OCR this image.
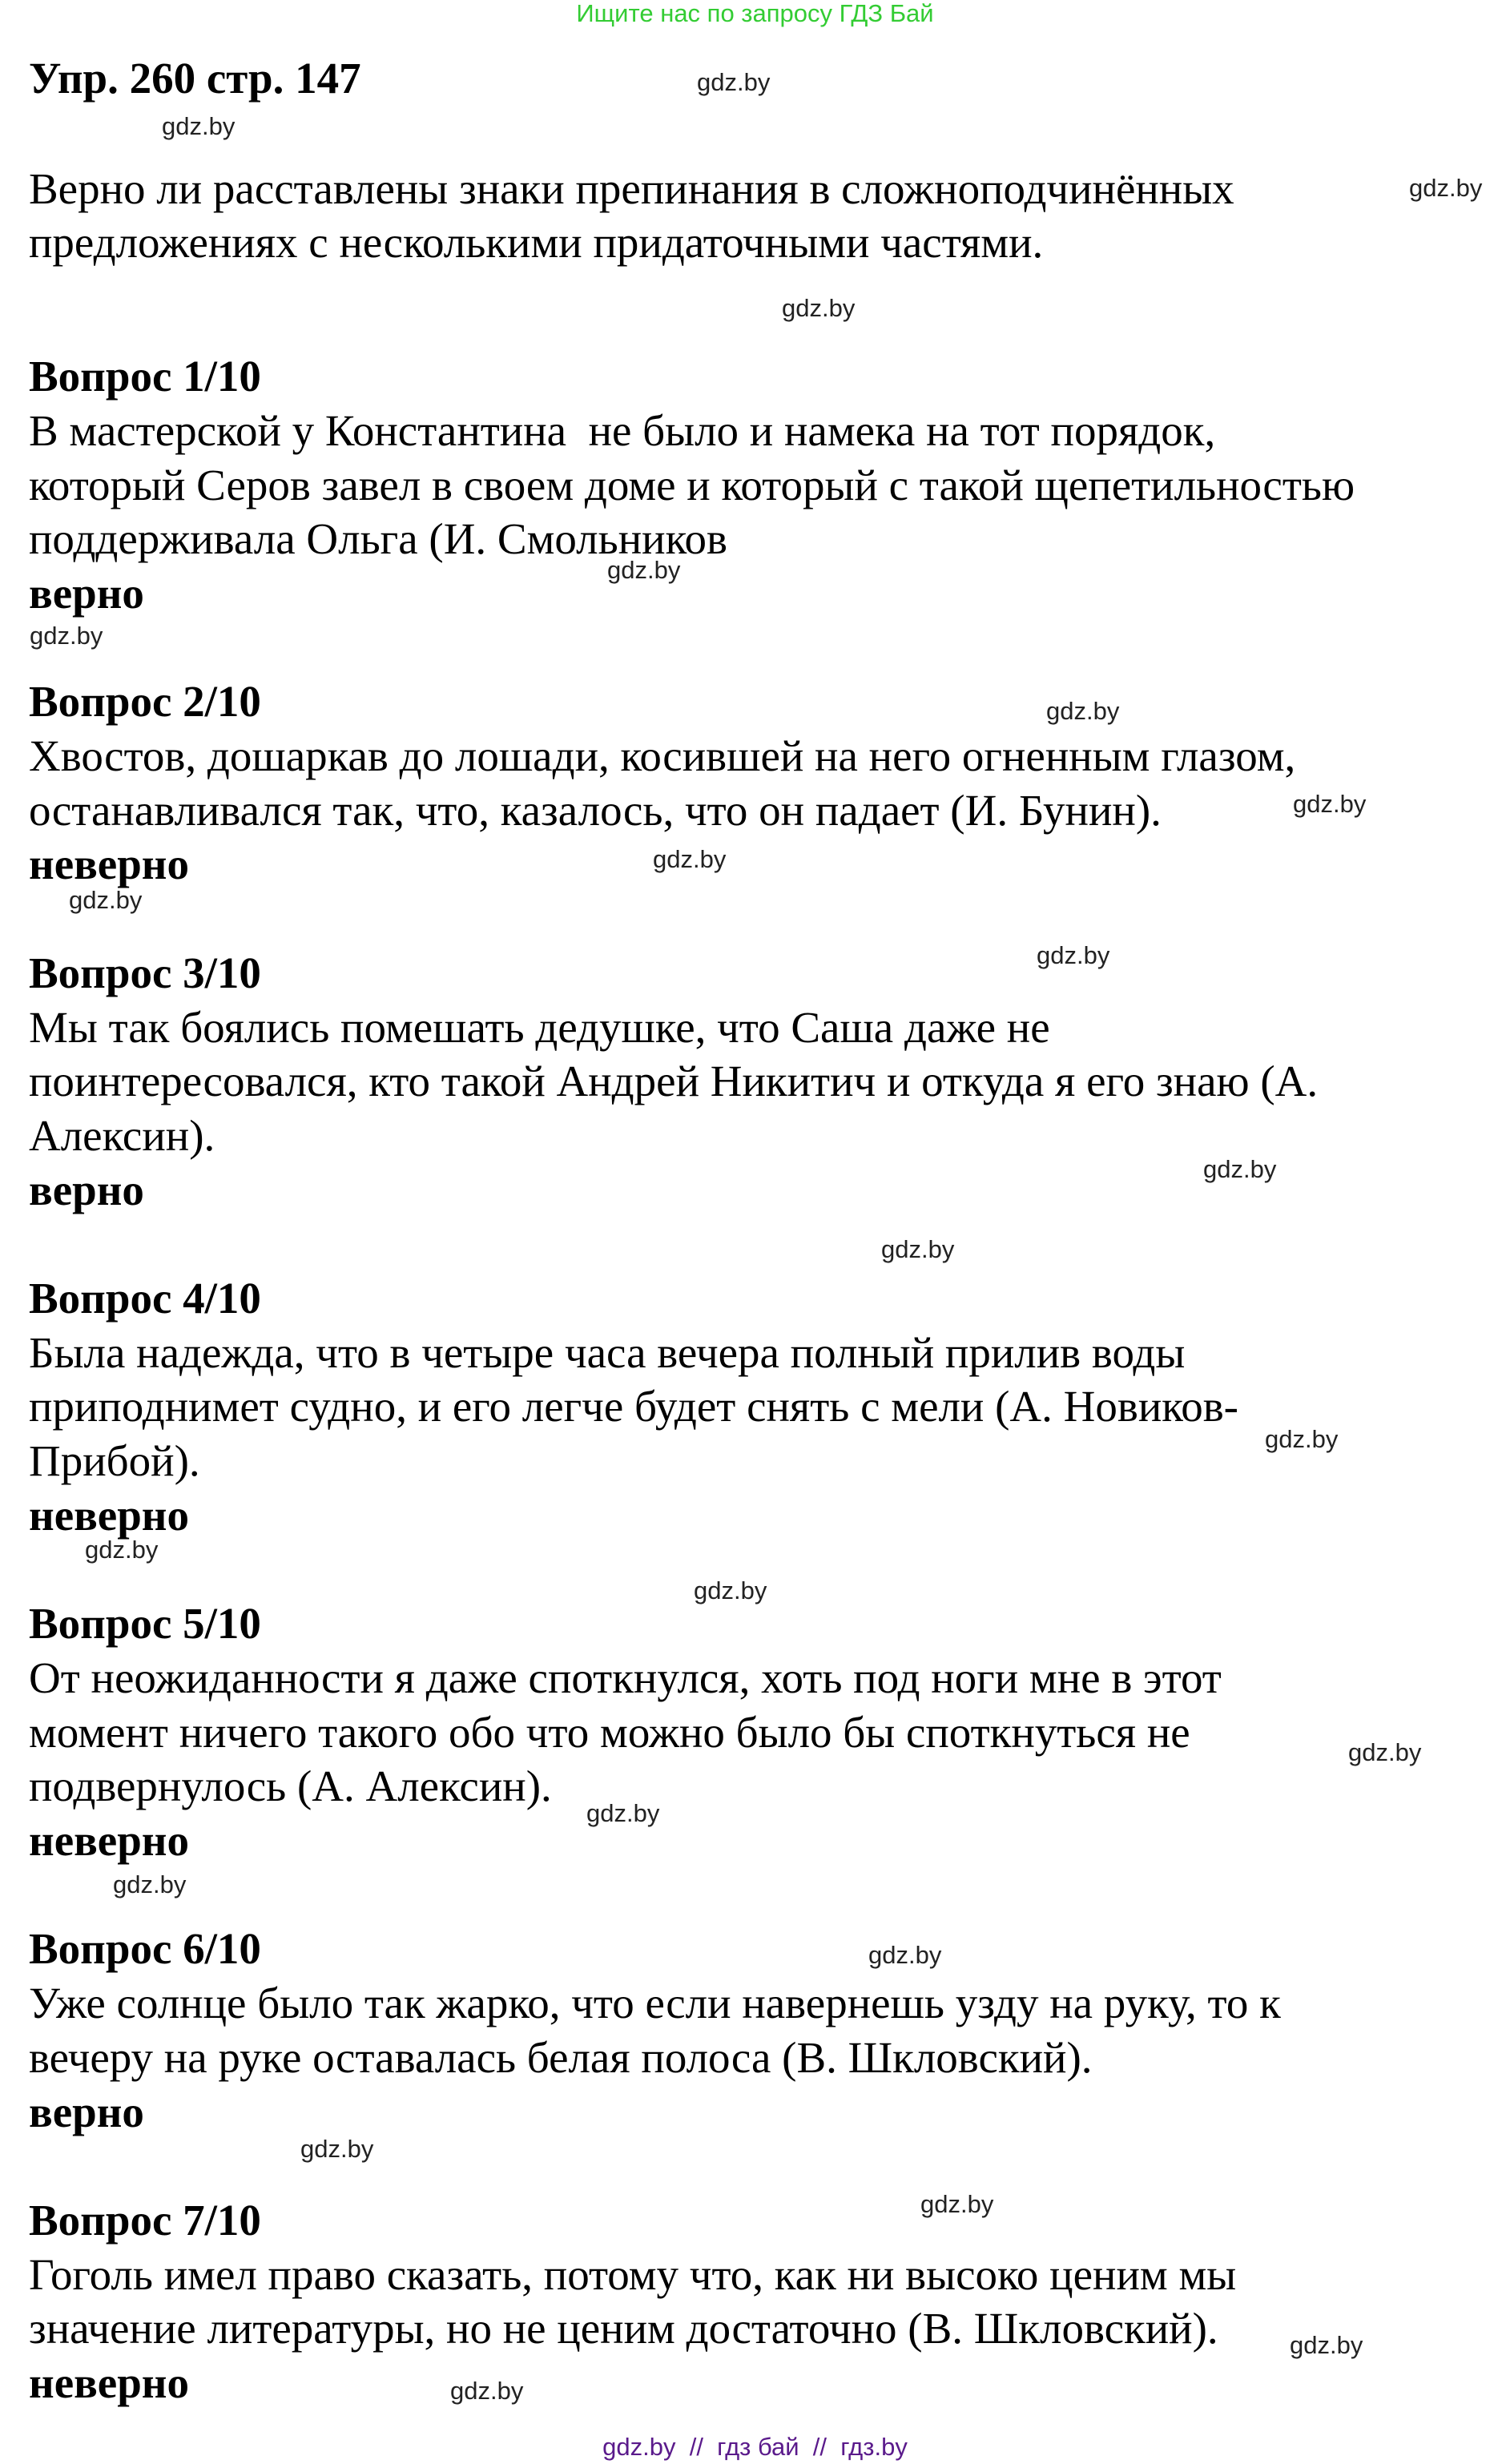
Ищите нас по запросу ГДЗ Бай
Упр. 260 стр. 147
Верно ли расставлены знаки препинания в сложноподчинённых
предложениях с несколькими придаточными частями.
Вопрос 1/10
В мастерской у Константина  не было и намека на тот порядок,
который Серов завел в своем доме и который с такой щепетильностью
поддерживала Ольга (И. Смольников
верно
Вопрос 2/10
Хвостов, дошаркав до лошади, косившей на него огненным глазом,
останавливался так, что, казалось, что он падает (И. Бунин).
неверно
Вопрос 3/10
Мы так боялись помешать дедушке, что Саша даже не
поинтересовался, кто такой Андрей Никитич и откуда я его знаю (А.
Алексин).
верно
Вопрос 4/10
Была надежда, что в четыре часа вечера полный прилив воды
приподнимет судно, и его легче будет снять с мели (А. Новиков-
Прибой).
неверно
Вопрос 5/10
От неожиданности я даже споткнулся, хоть под ноги мне в этот
момент ничего такого обо что можно было бы споткнуться не
подвернулось (А. Алексин).
неверно
Вопрос 6/10
Уже солнце было так жарко, что если навернешь узду на руку, то к
вечеру на руке оставалась белая полоса (В. Шкловский).
верно
Вопрос 7/10
Гоголь имел право сказать, потому что, как ни высоко ценим мы
значение литературы, но не ценим достаточно (В. Шкловский).
неверно
gdz.by
gdz.by
gdz.by
gdz.by
gdz.by
gdz.by
gdz.by
gdz.by
gdz.by
gdz.by
gdz.by
gdz.by
gdz.by
gdz.by
gdz.by
gdz.by
gdz.by
gdz.by
gdz.by
gdz.by
gdz.by
gdz.by
gdz.by
gdz.by
gdz.by  //  гдз бай  //  гдз.by
